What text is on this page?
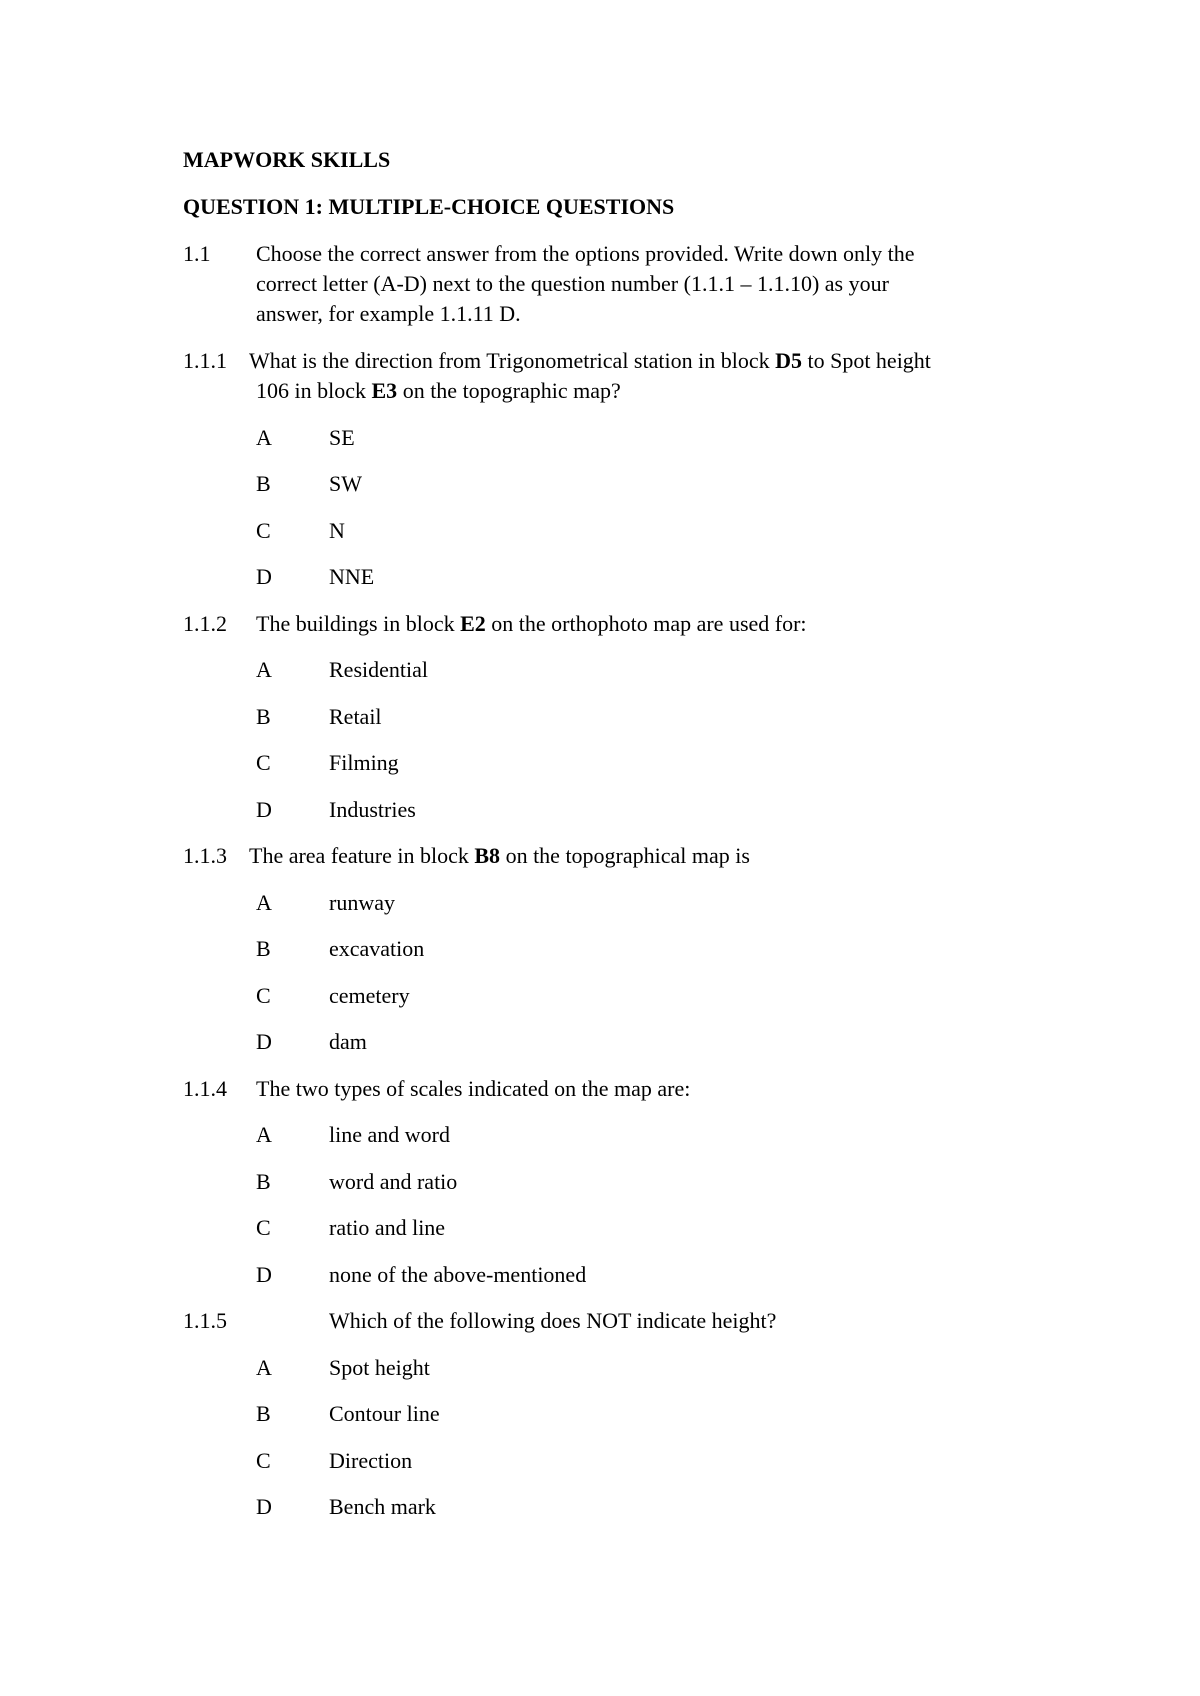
MAPWORK SKILLS
QUESTION 1: MULTIPLE-CHOICE QUESTIONS
1.1 Choose the correct answer from the options provided. Write down only the
correct letter (A-D) next to the question number (1.1.1 – 1.1.10) as your
answer, for example 1.1.11 D.
1.1.1 What is the direction from Trigonometrical station in block D5 to Spot height
106 in block E3 on the topographic map?
A	SE
B	SW
C	N
D	NNE
1.1.2 The buildings in block E2 on the orthophoto map are used for:
A	Residential
B	Retail
C	Filming
D	Industries
1.1.3 The area feature in block B8 on the topographical map is
A	runway
B	excavation
C	cemetery
D	dam
1.1.4 The two types of scales indicated on the map are:
A	line and word
B	word and ratio
C	ratio and line
D	none of the above-mentioned
1.1.5	Which of the following does NOT indicate height?
A	Spot height
B	Contour line
C	Direction
D	Bench mark
